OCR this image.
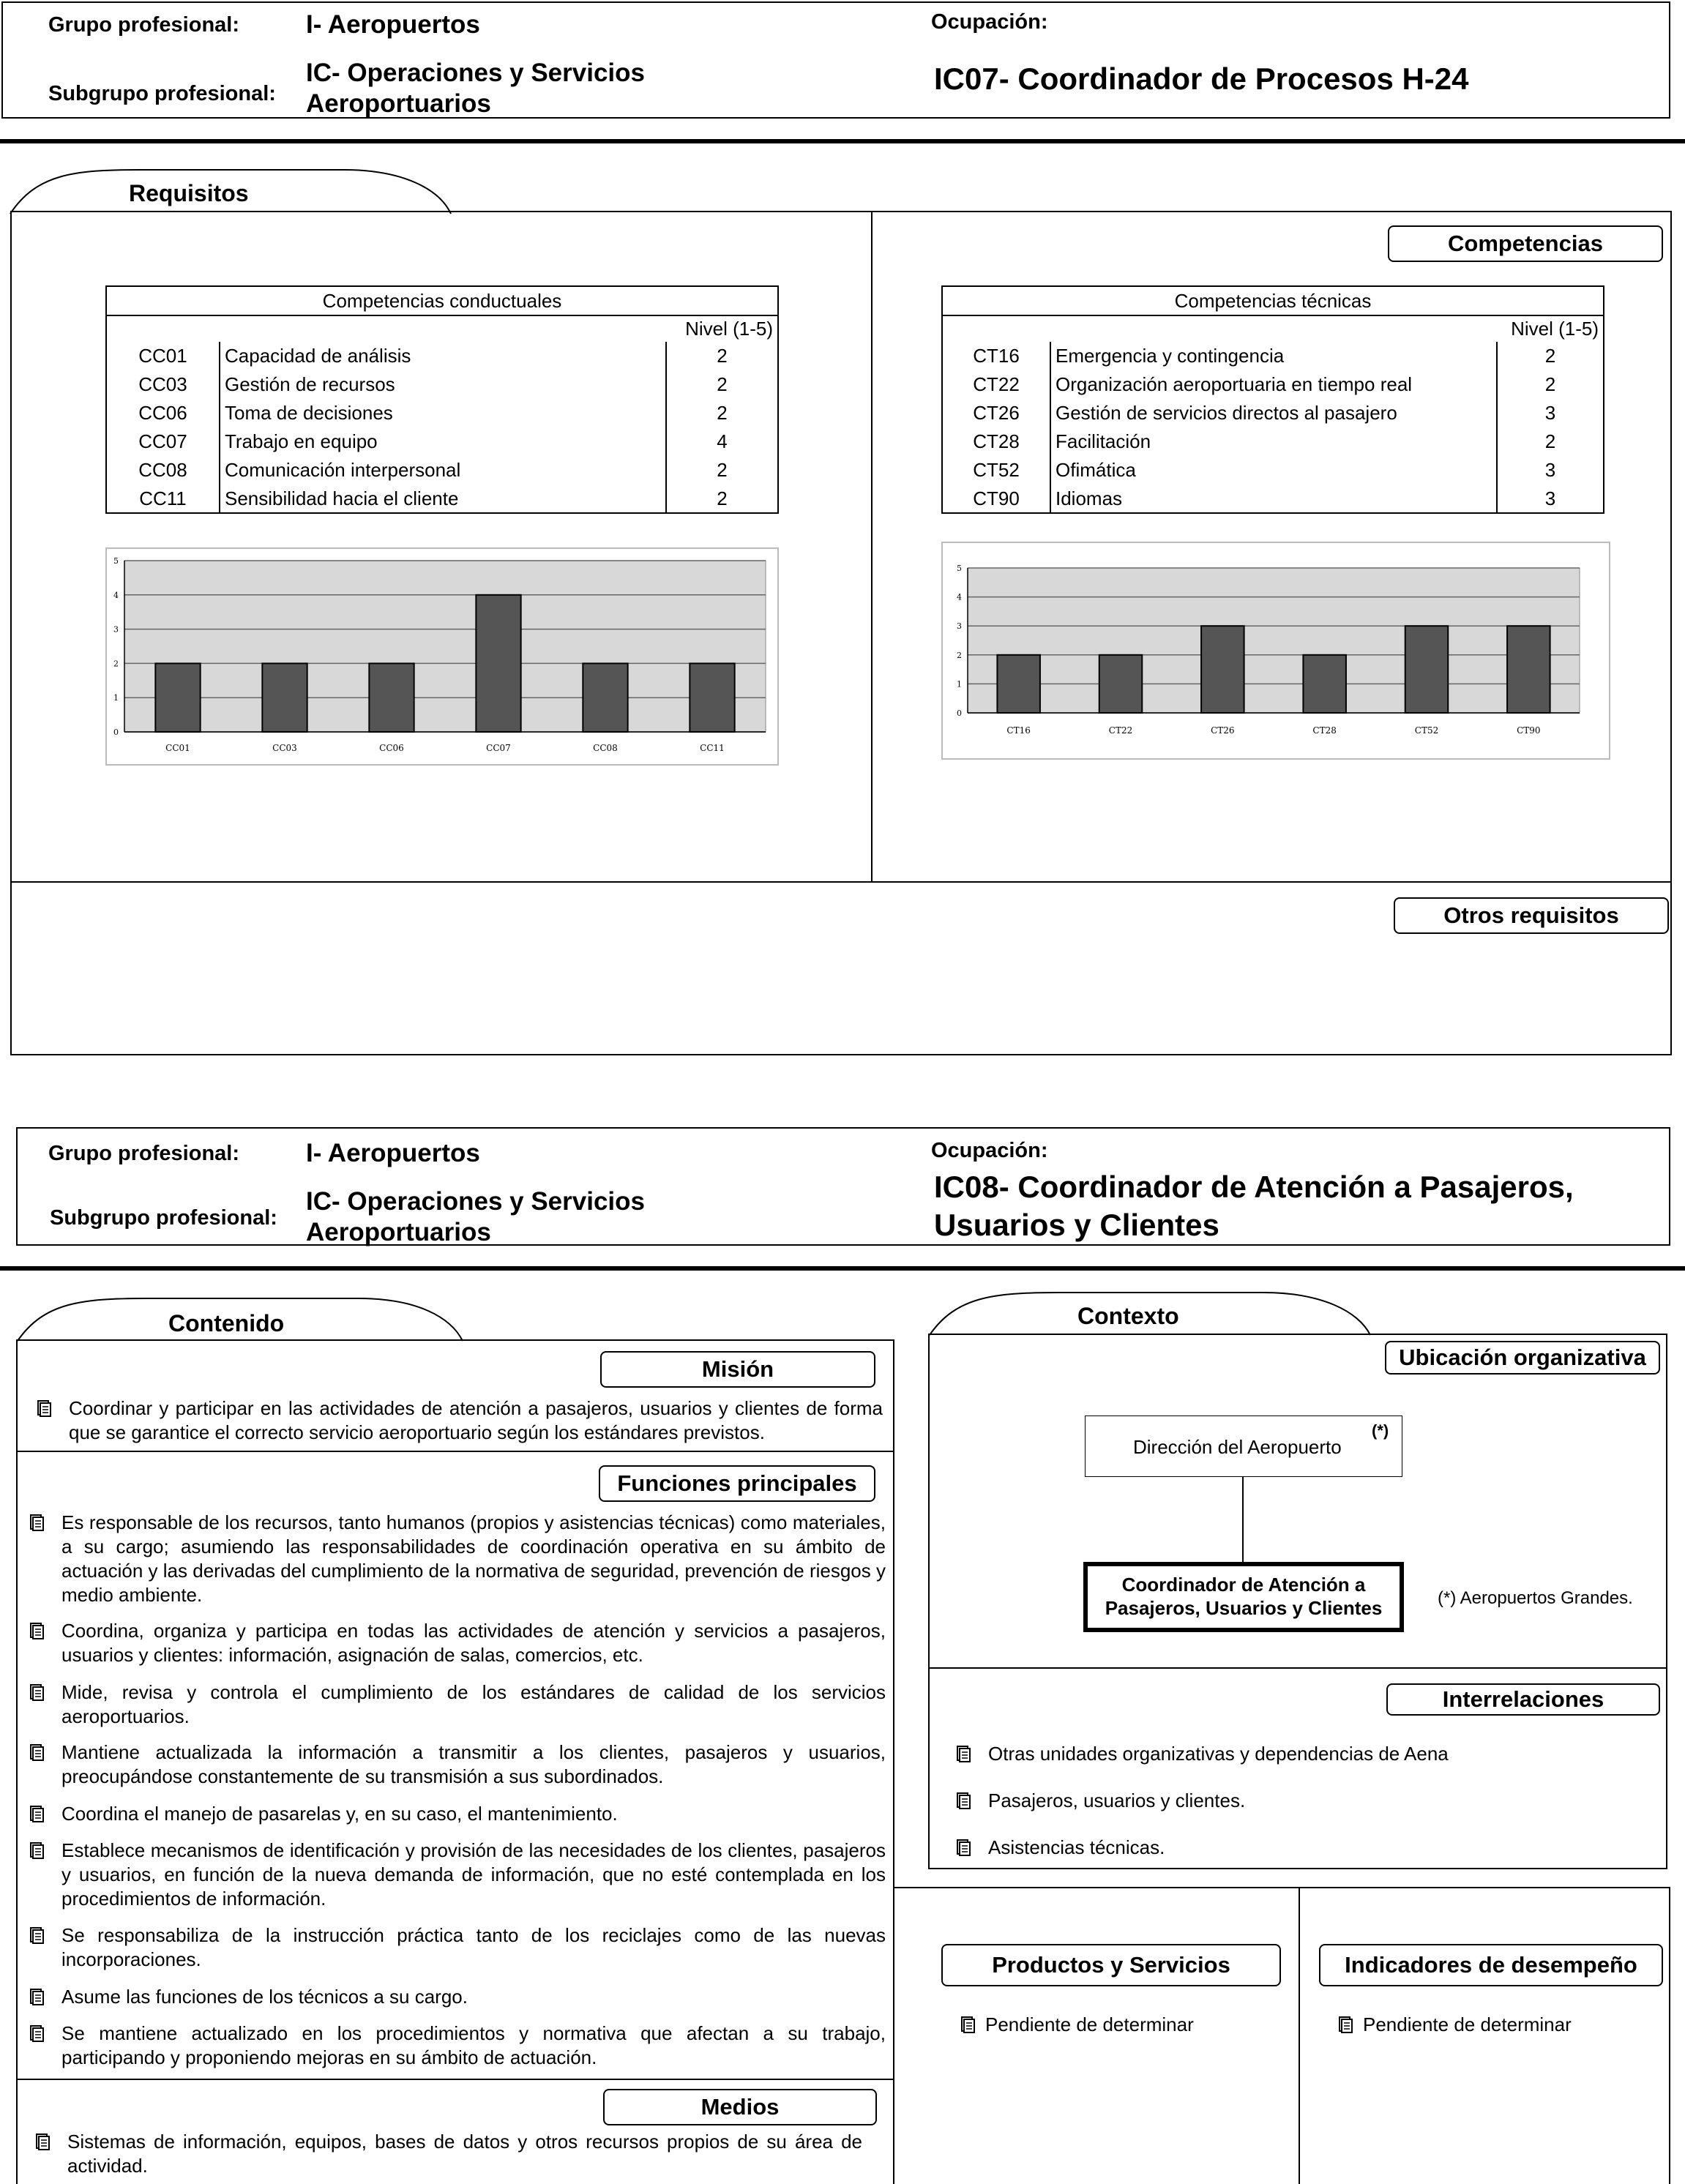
Grupo profesional:	I- Aeropuertos
Subgrupo profesional:
IC- Operaciones y Servicios
Aeroportuarios
Ocupación:
IC07- Coordinador de Procesos H-24
Requisitos
Competencias
Otros requisitos
Competencias conductuales		
Nivel (1-5)		
CC01	Capacidad de análisis	2
CC03	Gestión de recursos	2
CC06	Toma de decisiones	2
CC07	Trabajo en equipo	4
CC08	Comunicación interpersonal	2
CC11	Sensibilidad hacia el cliente	2
Competencias técnicas		
Nivel (1-5)		
CT16	Emergencia y contingencia	2
CT22	Organización aeroportuaria en tiempo real	2
CT26	Gestión de servicios directos al pasajero	3
CT28	Facilitación	2
CT52	Ofimática	3
CT90	Idiomas	3
0
1
2
3
4
5
CC01	CC03	CC06	CC07	CC08	CC11
0
1
2
3
4
5
CT16	CT22	CT26	CT28	CT52	CT90
Grupo profesional:	I- Aeropuertos
Subgrupo profesional:
IC- Operaciones y Servicios
Aeroportuarios
Ocupación:
IC08- Coordinador de Atención a Pasajeros,
Usuarios y Clientes
Contenido
Misión
Coordinar y participar en las actividades de atención a pasajeros, usuarios y clientes de forma que se garantice el correcto servicio aeroportuario según los estándares previstos.
Funciones principales
Es responsable de los recursos, tanto humanos (propios y asistencias técnicas) como materiales, a su cargo; asumiendo las responsabilidades de coordinación operativa en su ámbito de actuación y las derivadas del cumplimiento de la normativa de seguridad, prevención de riesgos y medio ambiente.
Coordina, organiza y participa en todas las actividades de atención y servicios a pasajeros, usuarios y clientes: información, asignación de salas, comercios, etc.
Mide, revisa y controla el cumplimiento de los estándares de calidad de los servicios aeroportuarios.
Mantiene actualizada la información a transmitir a los clientes, pasajeros y usuarios, preocupándose constantemente de su transmisión a sus subordinados.
Coordina el manejo de pasarelas y, en su caso, el mantenimiento.
Establece mecanismos de identificación y provisión de las necesidades de los clientes, pasajeros y usuarios, en función de la nueva demanda de información, que no esté contemplada en los procedimientos de información.
Se responsabiliza de la instrucción práctica tanto de los reciclajes como de las nuevas incorporaciones.
Asume las funciones de los técnicos a su cargo.
Se mantiene actualizado en los procedimientos y normativa que afectan a su trabajo, participando y proponiendo mejoras en su ámbito de actuación.
Medios
Sistemas de información, equipos, bases de datos y otros recursos propios de su área de actividad.
Contexto
Ubicación organizativa
Dirección del Aeropuerto
(*)
Coordinador de Atención a
Pasajeros, Usuarios y Clientes	(*) Aeropuertos Grandes.
Interrelaciones
Otras unidades organizativas y dependencias de Aena
Pasajeros, usuarios y clientes.
Asistencias técnicas.
Productos y Servicios
Pendiente de determinar
Indicadores de desempeño
Pendiente de determinar
